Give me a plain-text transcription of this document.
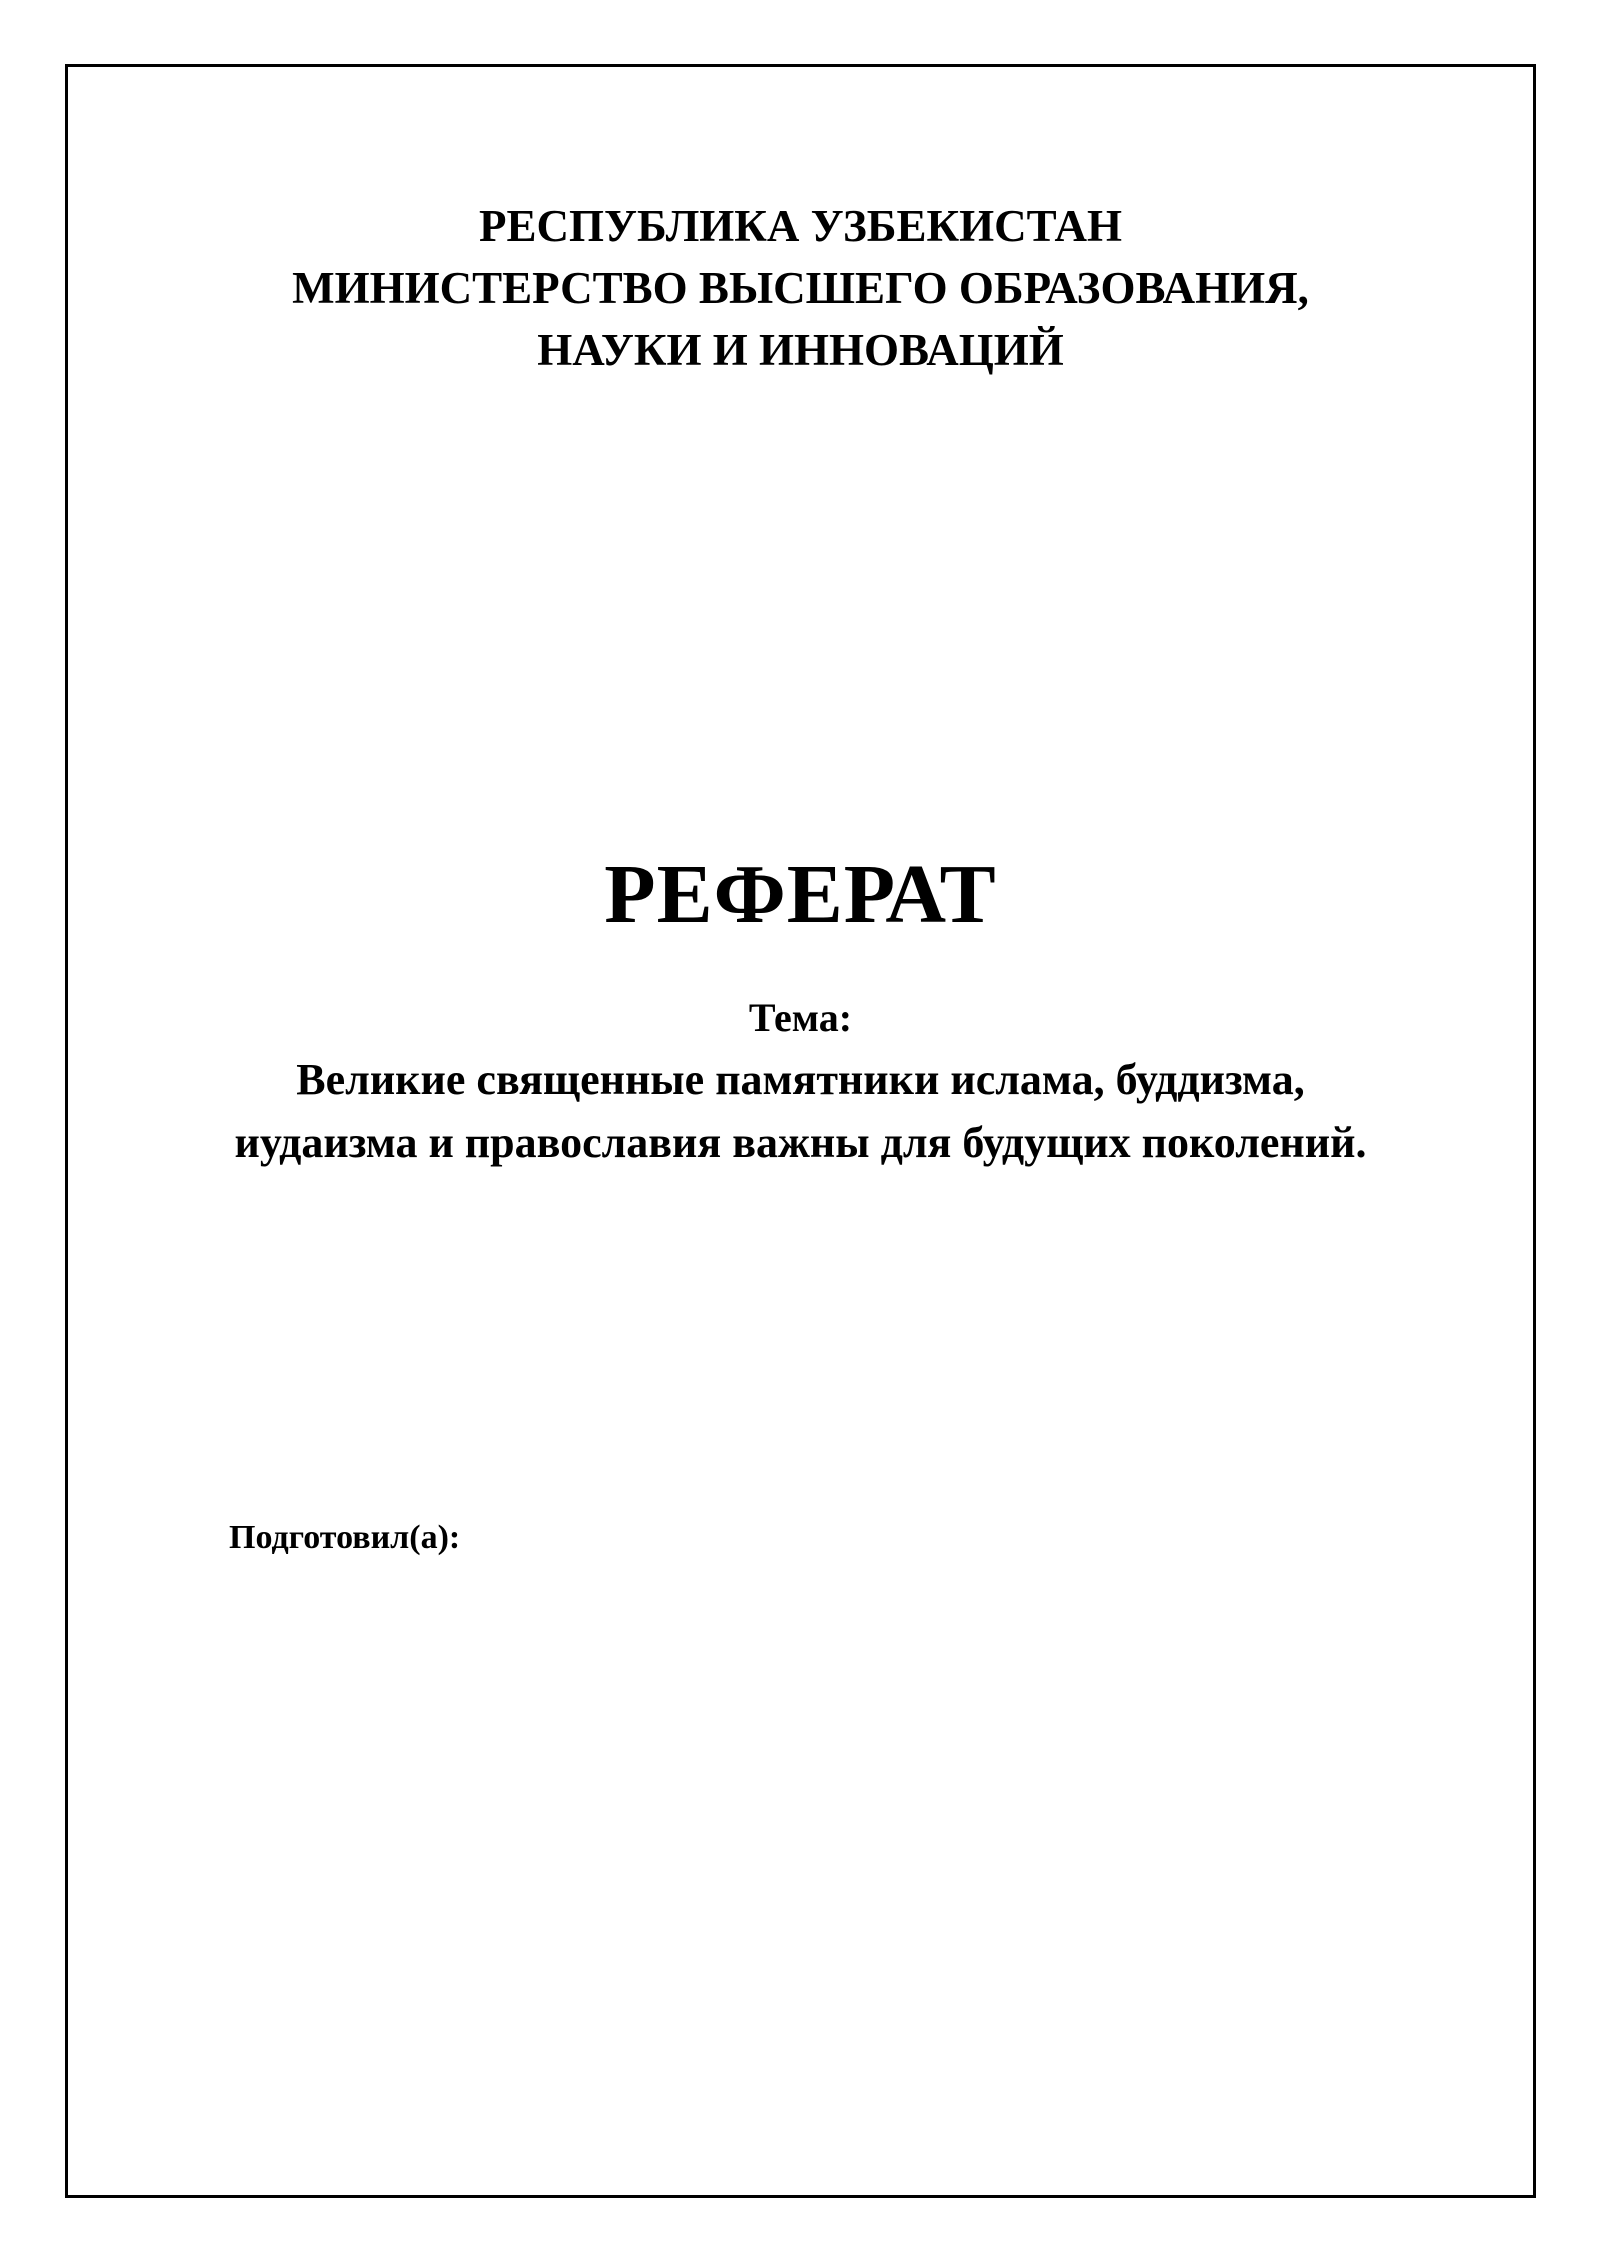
РЕСПУБЛИКА УЗБЕКИСТАН
МИНИСТЕРСТВО ВЫСШЕГО ОБРАЗОВАНИЯ,
НАУКИ И ИННОВАЦИЙ
РЕФЕРАТ
Тема:
Великие священные памятники ислама, буддизма,
иудаизма и православия важны для будущих поколений.
Подготовил(а):
